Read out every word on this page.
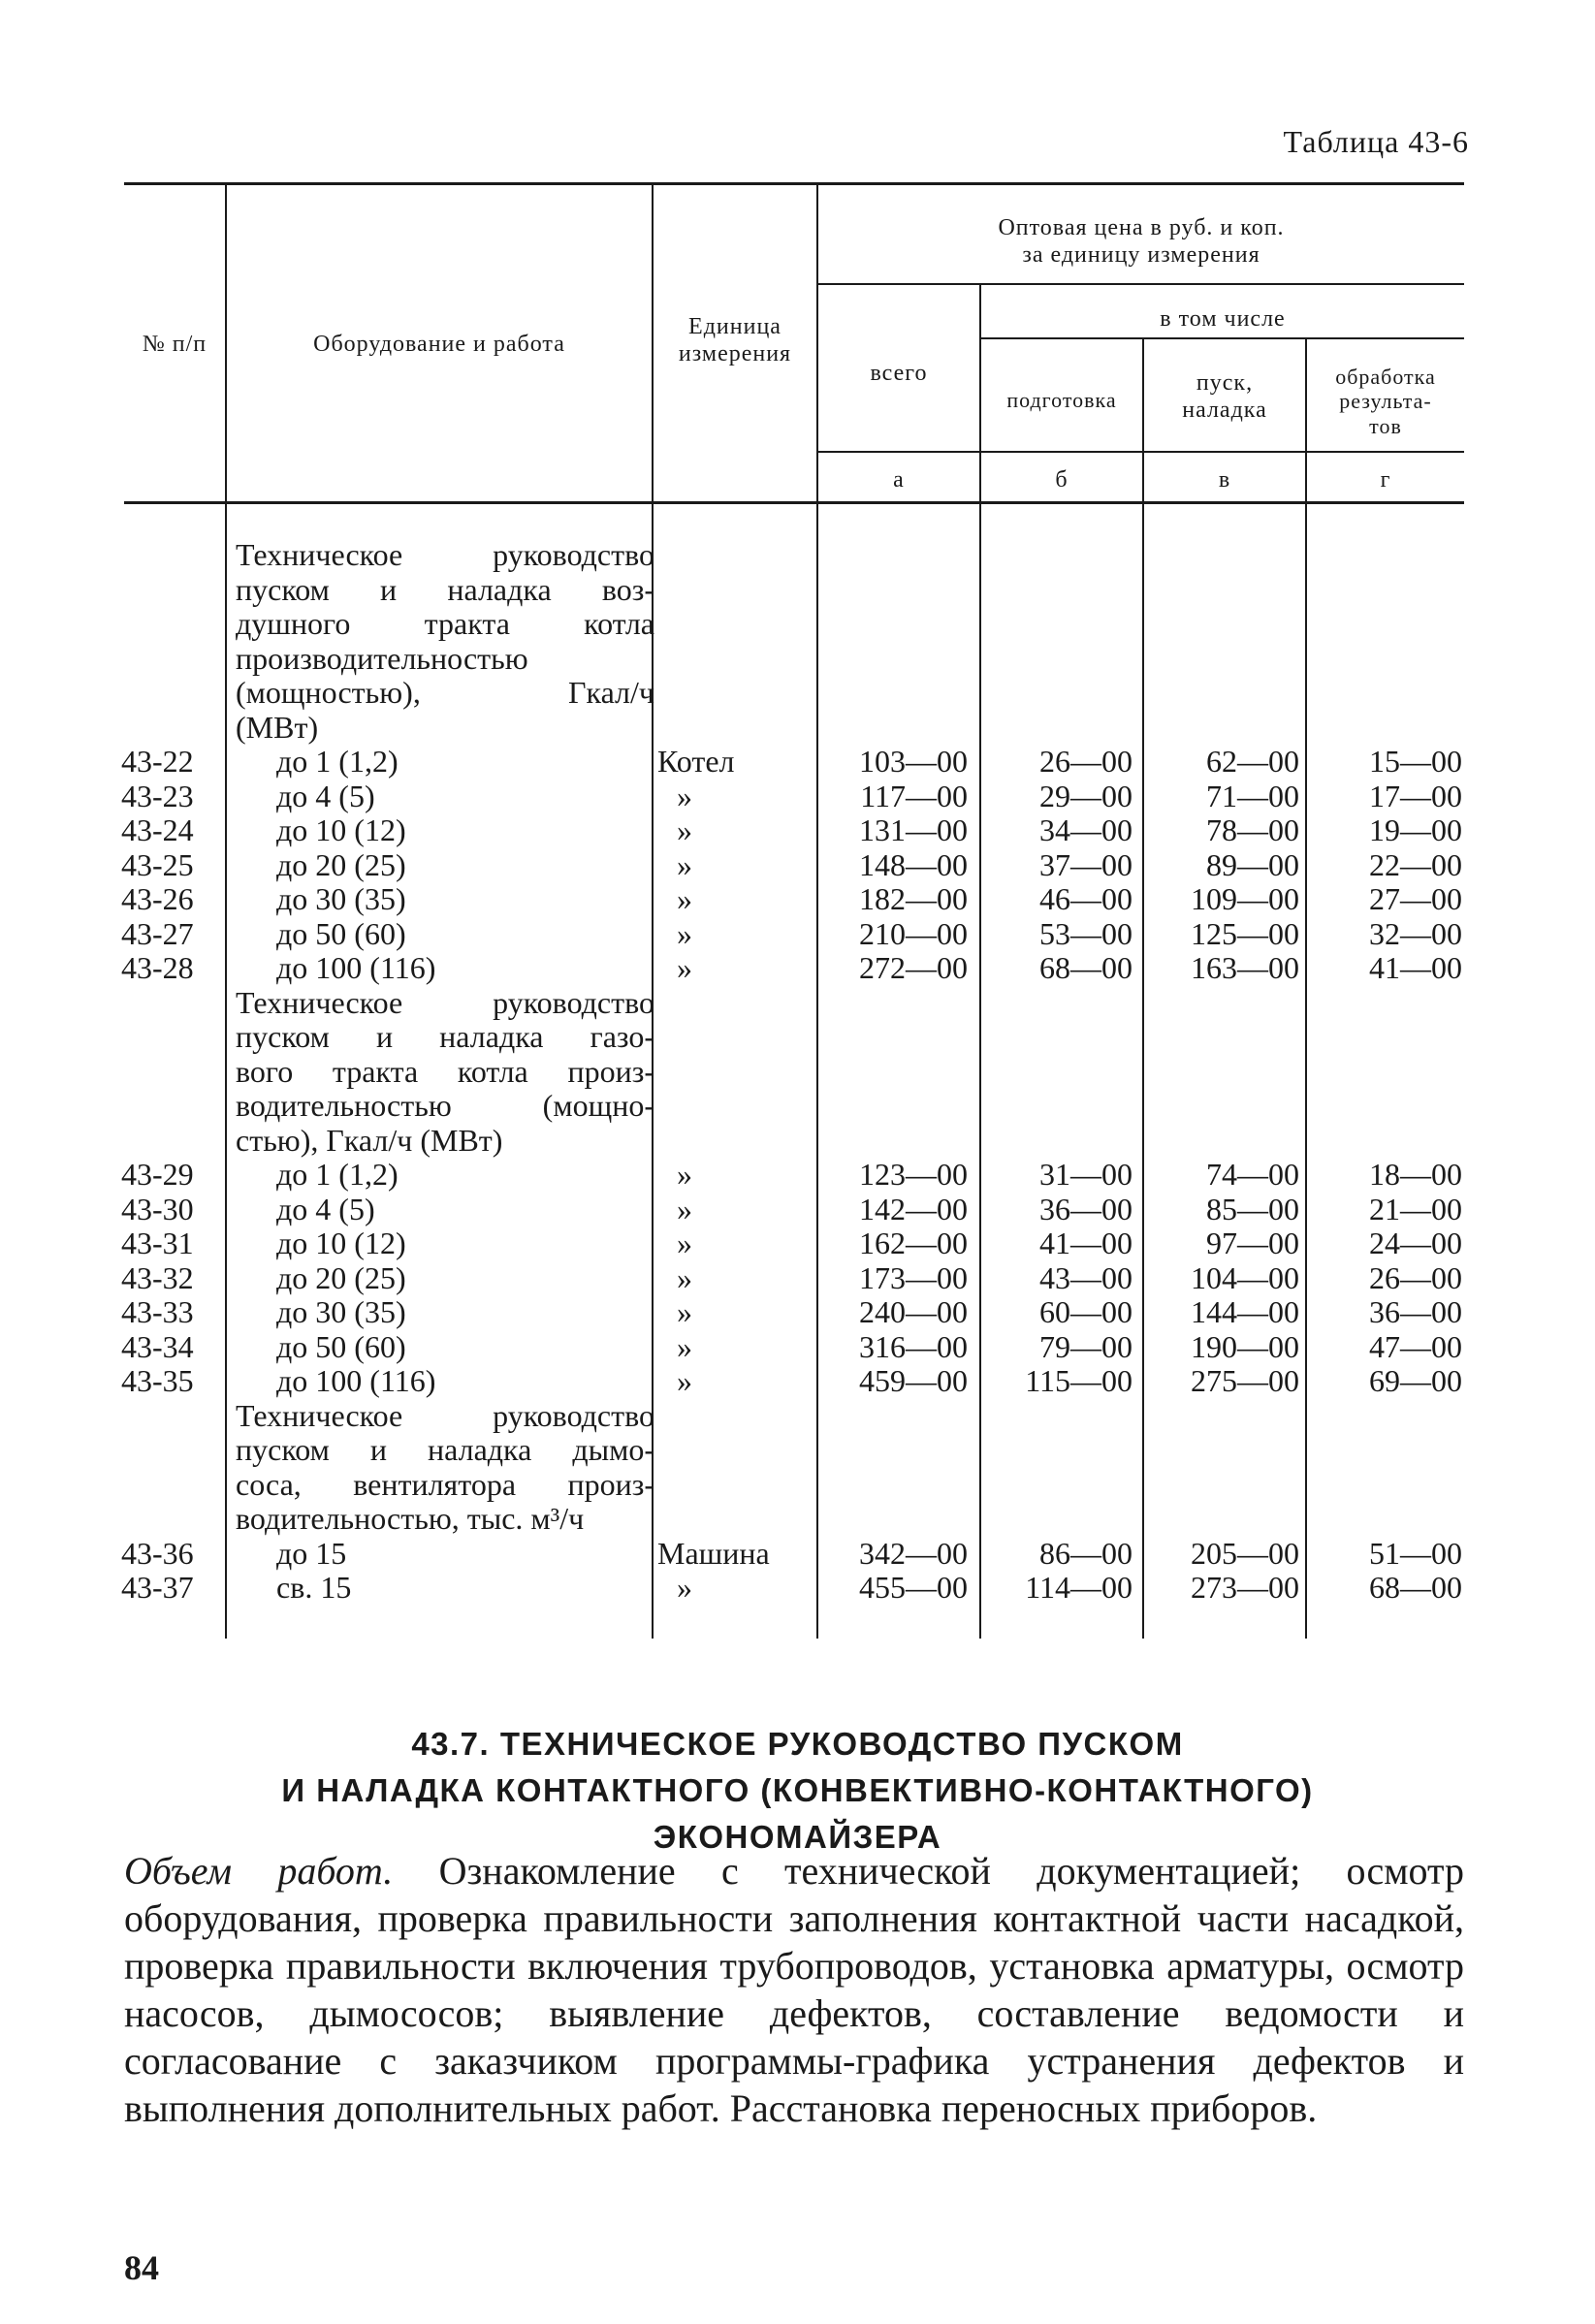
Таблица 43-6
№ п/п	Оборудование и работа
Единица
измерения
Оптовая цена в руб. и коп.
за единицу измерения
в том числе
всего
подготовка
пуск,
наладка
обработка
результа-
тов
а	б	в	г
Техническое руководство
пуском и наладка воз-
душного тракта котла
производительностью
(мощностью), Гкал/ч
(МВт)
43-22	до 1 (1,2)	Котел	103—00	26—00	62—00	15—00
43-23	до 4 (5)	»	117—00	29—00	71—00	17—00
43-24	до 10 (12)	»	131—00	34—00	78—00	19—00
43-25	до 20 (25)	»	148—00	37—00	89—00	22—00
43-26	до 30 (35)	»	182—00	46—00	109—00	27—00
43-27	до 50 (60)	»	210—00	53—00	125—00	32—00
43-28	до 100 (116)	»	272—00	68—00	163—00	41—00
Техническое руководство
пуском и наладка газо-
вого тракта котла произ-
водительностью (мощно-
стью), Гкал/ч (МВт)
43-29	до 1 (1,2)	»	123—00	31—00	74—00	18—00
43-30	до 4 (5)	»	142—00	36—00	85—00	21—00
43-31	до 10 (12)	»	162—00	41—00	97—00	24—00
43-32	до 20 (25)	»	173—00	43—00	104—00	26—00
43-33	до 30 (35)	»	240—00	60—00	144—00	36—00
43-34	до 50 (60)	»	316—00	79—00	190—00	47—00
43-35	до 100 (116)	»	459—00	115—00	275—00	69—00
Техническое руководство
пуском и наладка дымо-
соса, вентилятора произ-
водительностью, тыс. м³/ч
43-36	до 15	Машина	342—00	86—00	205—00	51—00
43-37	св. 15	»	455—00	114—00	273—00	68—00
43.7. ТЕХНИЧЕСКОЕ РУКОВОДСТВО ПУСКОМ
И НАЛАДКА КОНТАКТНОГО (КОНВЕКТИВНО-КОНТАКТНОГО)
ЭКОНОМАЙЗЕРА
Объем работ. Ознакомление с технической документацией; осмотр оборудования, проверка правильности заполнения контактной части насадкой, проверка правильности включения трубопроводов, установка арматуры, осмотр насосов, дымососов; выявление дефектов, составление ведомости и согласование с заказчиком программы-графика устранения дефектов и выполнения дополнительных работ. Расстановка переносных приборов.
84
